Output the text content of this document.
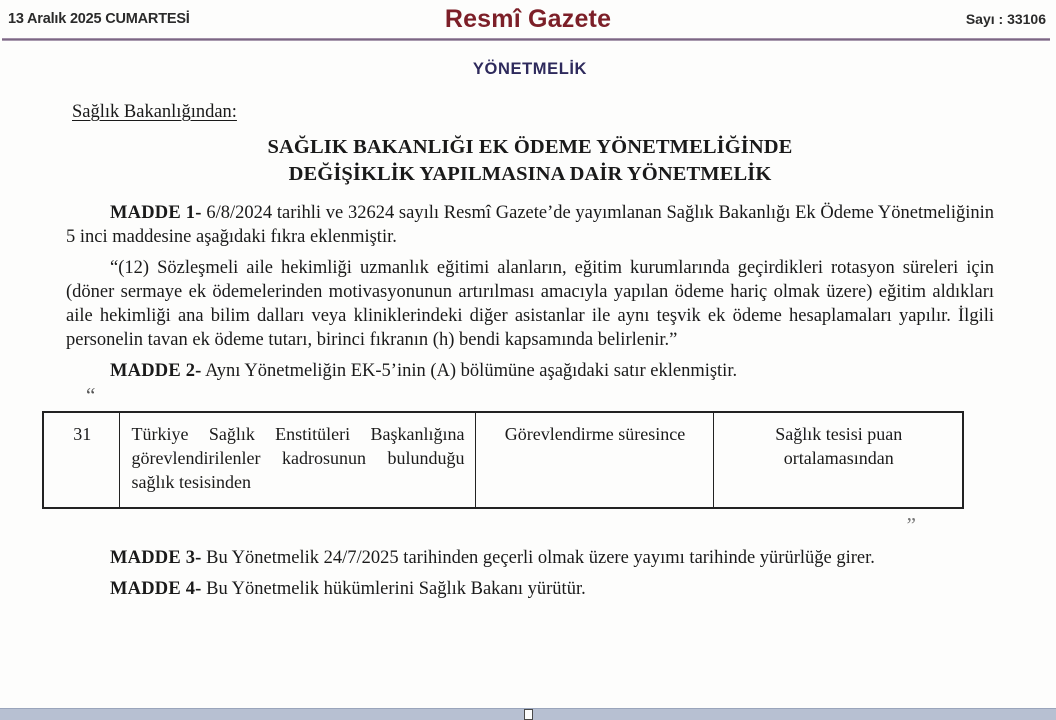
13 Aralık 2025 CUMARTESİ	Resmî Gazete	Sayı : 33106
YÖNETMELİK
Sağlık Bakanlığından:
SAĞLIK BAKANLIĞI EK ÖDEME YÖNETMELİĞİNDE
DEĞİŞİKLİK YAPILMASINA DAİR YÖNETMELİK

MADDE 1- 6/8/2024 tarihli ve 32624 sayılı Resmî Gazete’de yayımlanan Sağlık Bakanlığı Ek Ödeme Yönetmeliğinin 5 inci maddesine aşağıdaki fıkra eklenmiştir.

“(12) Sözleşmeli aile hekimliği uzmanlık eğitimi alanların, eğitim kurumlarında geçirdikleri rotasyon süreleri için (döner sermaye ek ödemelerinden motivasyonunun artırılması amacıyla yapılan ödeme hariç olmak üzere) eğitim aldıkları aile hekimliği ana bilim dalları veya kliniklerindeki diğer asistanlar ile aynı teşvik ek ödeme hesaplamaları yapılır. İlgili personelin tavan ek ödeme tutarı, birinci fıkranın (h) bendi kapsamında belirlenir.”

MADDE 2- Aynı Yönetmeliğin EK-5’inin (A) bölümüne aşağıdaki satır eklenmiştir.

“
31	Türkiye Sağlık Enstitüleri Başkanlığına görevlendirilenler kadrosunun bulunduğu sağlık tesisinden	Görevlendirme süresince	Sağlık tesisi puan ortalamasından
”

MADDE 3- Bu Yönetmelik 24/7/2025 tarihinden geçerli olmak üzere yayımı tarihinde yürürlüğe girer.

MADDE 4- Bu Yönetmelik hükümlerini Sağlık Bakanı yürütür.
